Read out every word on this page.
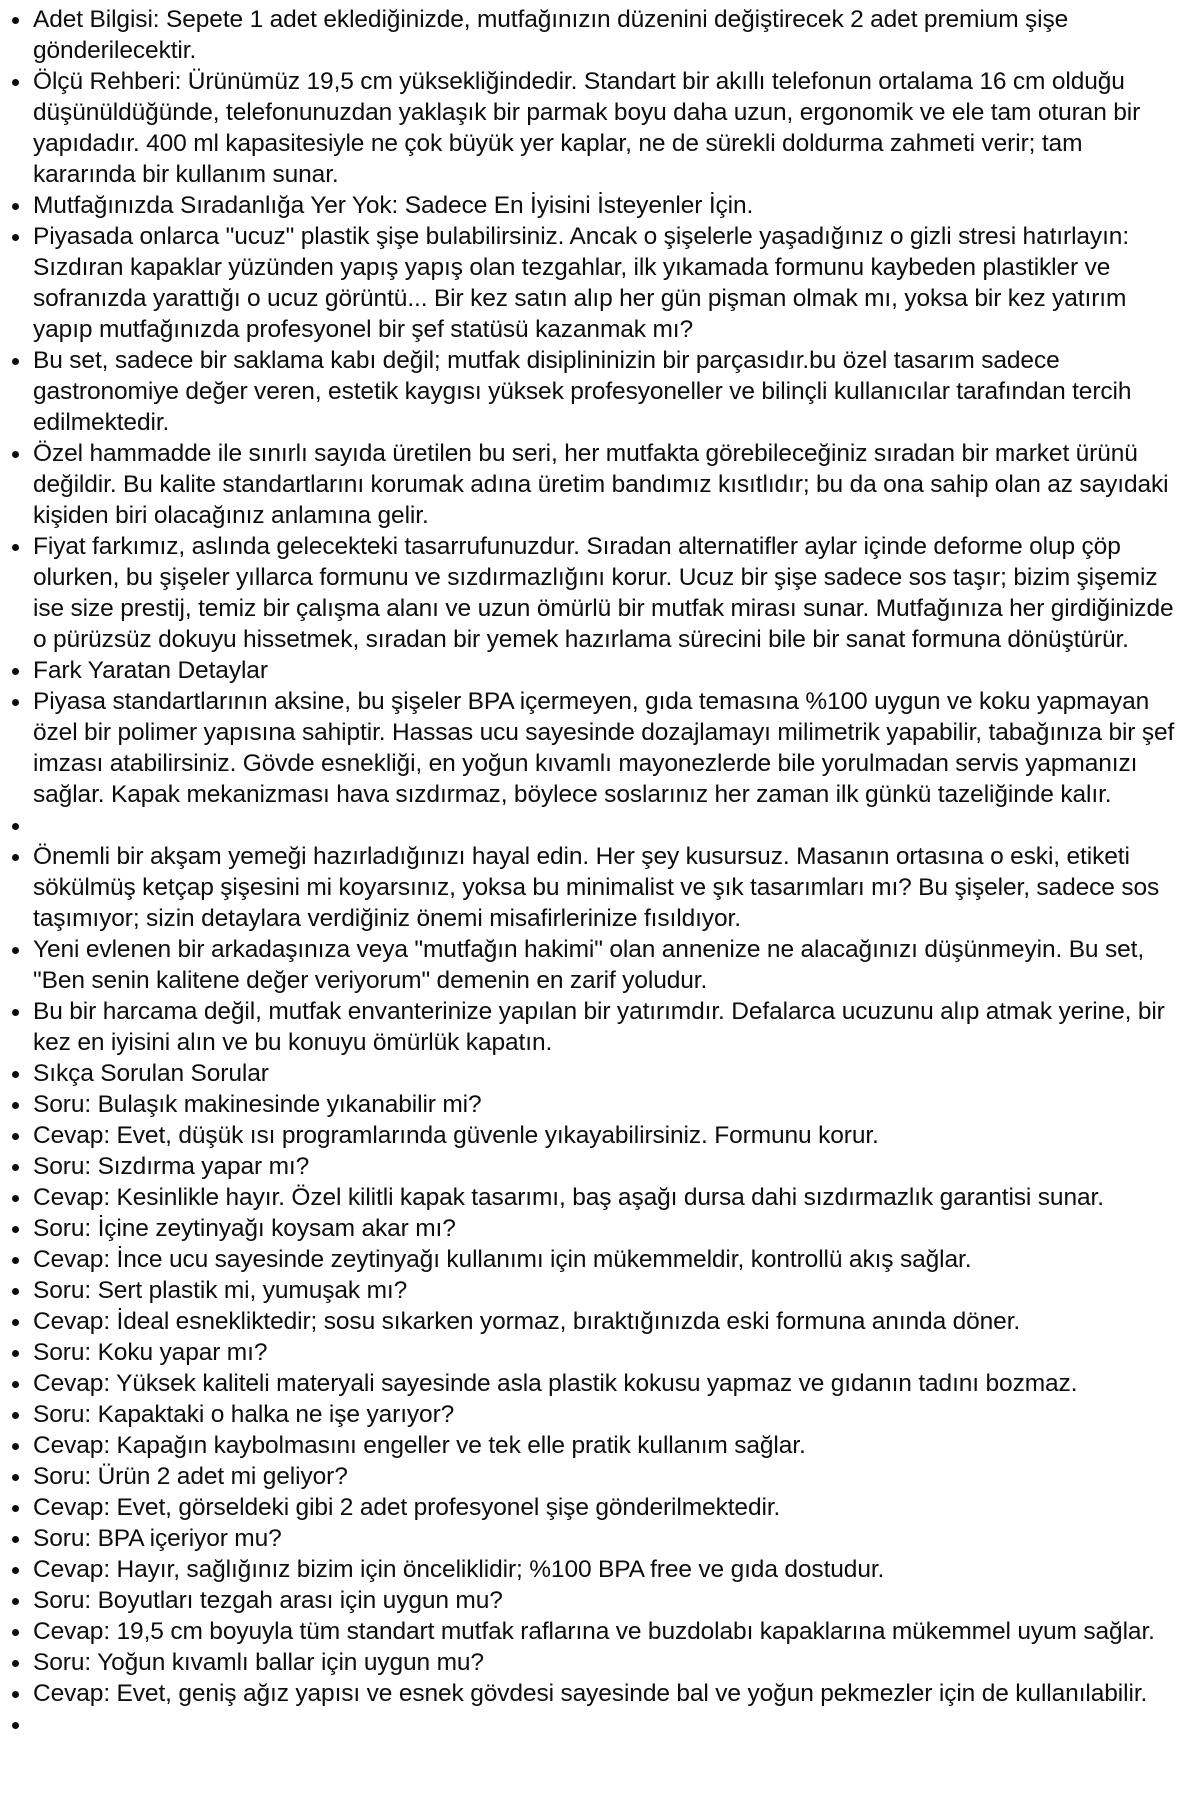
Adet Bilgisi: Sepete 1 adet eklediğinizde, mutfağınızın düzenini değiştirecek 2 adet premium şişe gönderilecektir.
Ölçü Rehberi: Ürünümüz 19,5 cm yüksekliğindedir. Standart bir akıllı telefonun ortalama 16 cm olduğu düşünüldüğünde, telefonunuzdan yaklaşık bir parmak boyu daha uzun, ergonomik ve ele tam oturan bir yapıdadır. 400 ml kapasitesiyle ne çok büyük yer kaplar, ne de sürekli doldurma zahmeti verir; tam kararında bir kullanım sunar.
Mutfağınızda Sıradanlığa Yer Yok: Sadece En İyisini İsteyenler İçin.
Piyasada onlarca "ucuz" plastik şişe bulabilirsiniz. Ancak o şişelerle yaşadığınız o gizli stresi hatırlayın: Sızdıran kapaklar yüzünden yapış yapış olan tezgahlar, ilk yıkamada formunu kaybeden plastikler ve sofranızda yarattığı o ucuz görüntü... Bir kez satın alıp her gün pişman olmak mı, yoksa bir kez yatırım yapıp mutfağınızda profesyonel bir şef statüsü kazanmak mı?
Bu set, sadece bir saklama kabı değil; mutfak disiplininizin bir parçasıdır.bu özel tasarım sadece gastronomiye değer veren, estetik kaygısı yüksek profesyoneller ve bilinçli kullanıcılar tarafından tercih edilmektedir.
Özel hammadde ile sınırlı sayıda üretilen bu seri, her mutfakta görebileceğiniz sıradan bir market ürünü değildir. Bu kalite standartlarını korumak adına üretim bandımız kısıtlıdır; bu da ona sahip olan az sayıdaki kişiden biri olacağınız anlamına gelir.
Fiyat farkımız, aslında gelecekteki tasarrufunuzdur. Sıradan alternatifler aylar içinde deforme olup çöp olurken, bu şişeler yıllarca formunu ve sızdırmazlığını korur. Ucuz bir şişe sadece sos taşır; bizim şişemiz ise size prestij, temiz bir çalışma alanı ve uzun ömürlü bir mutfak mirası sunar. Mutfağınıza her girdiğinizde o pürüzsüz dokuyu hissetmek, sıradan bir yemek hazırlama sürecini bile bir sanat formuna dönüştürür.
Fark Yaratan Detaylar
Piyasa standartlarının aksine, bu şişeler BPA içermeyen, gıda temasına %100 uygun ve koku yapmayan özel bir polimer yapısına sahiptir. Hassas ucu sayesinde dozajlamayı milimetrik yapabilir, tabağınıza bir şef imzası atabilirsiniz. Gövde esnekliği, en yoğun kıvamlı mayonezlerde bile yorulmadan servis yapmanızı sağlar. Kapak mekanizması hava sızdırmaz, böylece soslarınız her zaman ilk günkü tazeliğinde kalır.
Önemli bir akşam yemeği hazırladığınızı hayal edin. Her şey kusursuz. Masanın ortasına o eski, etiketi sökülmüş ketçap şişesini mi koyarsınız, yoksa bu minimalist ve şık tasarımları mı? Bu şişeler, sadece sos taşımıyor; sizin detaylara verdiğiniz önemi misafirlerinize fısıldıyor.
Yeni evlenen bir arkadaşınıza veya "mutfağın hakimi" olan annenize ne alacağınızı düşünmeyin. Bu set, "Ben senin kalitene değer veriyorum" demenin en zarif yoludur.
Bu bir harcama değil, mutfak envanterinize yapılan bir yatırımdır. Defalarca ucuzunu alıp atmak yerine, bir kez en iyisini alın ve bu konuyu ömürlük kapatın.
Sıkça Sorulan Sorular
Soru: Bulaşık makinesinde yıkanabilir mi?
Cevap: Evet, düşük ısı programlarında güvenle yıkayabilirsiniz. Formunu korur.
Soru: Sızdırma yapar mı?
Cevap: Kesinlikle hayır. Özel kilitli kapak tasarımı, baş aşağı dursa dahi sızdırmazlık garantisi sunar.
Soru: İçine zeytinyağı koysam akar mı?
Cevap: İnce ucu sayesinde zeytinyağı kullanımı için mükemmeldir, kontrollü akış sağlar.
Soru: Sert plastik mi, yumuşak mı?
Cevap: İdeal esnekliktedir; sosu sıkarken yormaz, bıraktığınızda eski formuna anında döner.
Soru: Koku yapar mı?
Cevap: Yüksek kaliteli materyali sayesinde asla plastik kokusu yapmaz ve gıdanın tadını bozmaz.
Soru: Kapaktaki o halka ne işe yarıyor?
Cevap: Kapağın kaybolmasını engeller ve tek elle pratik kullanım sağlar.
Soru: Ürün 2 adet mi geliyor?
Cevap: Evet, görseldeki gibi 2 adet profesyonel şişe gönderilmektedir.
Soru: BPA içeriyor mu?
Cevap: Hayır, sağlığınız bizim için önceliklidir; %100 BPA free ve gıda dostudur.
Soru: Boyutları tezgah arası için uygun mu?
Cevap: 19,5 cm boyuyla tüm standart mutfak raflarına ve buzdolabı kapaklarına mükemmel uyum sağlar.
Soru: Yoğun kıvamlı ballar için uygun mu?
Cevap: Evet, geniş ağız yapısı ve esnek gövdesi sayesinde bal ve yoğun pekmezler için de kullanılabilir.
